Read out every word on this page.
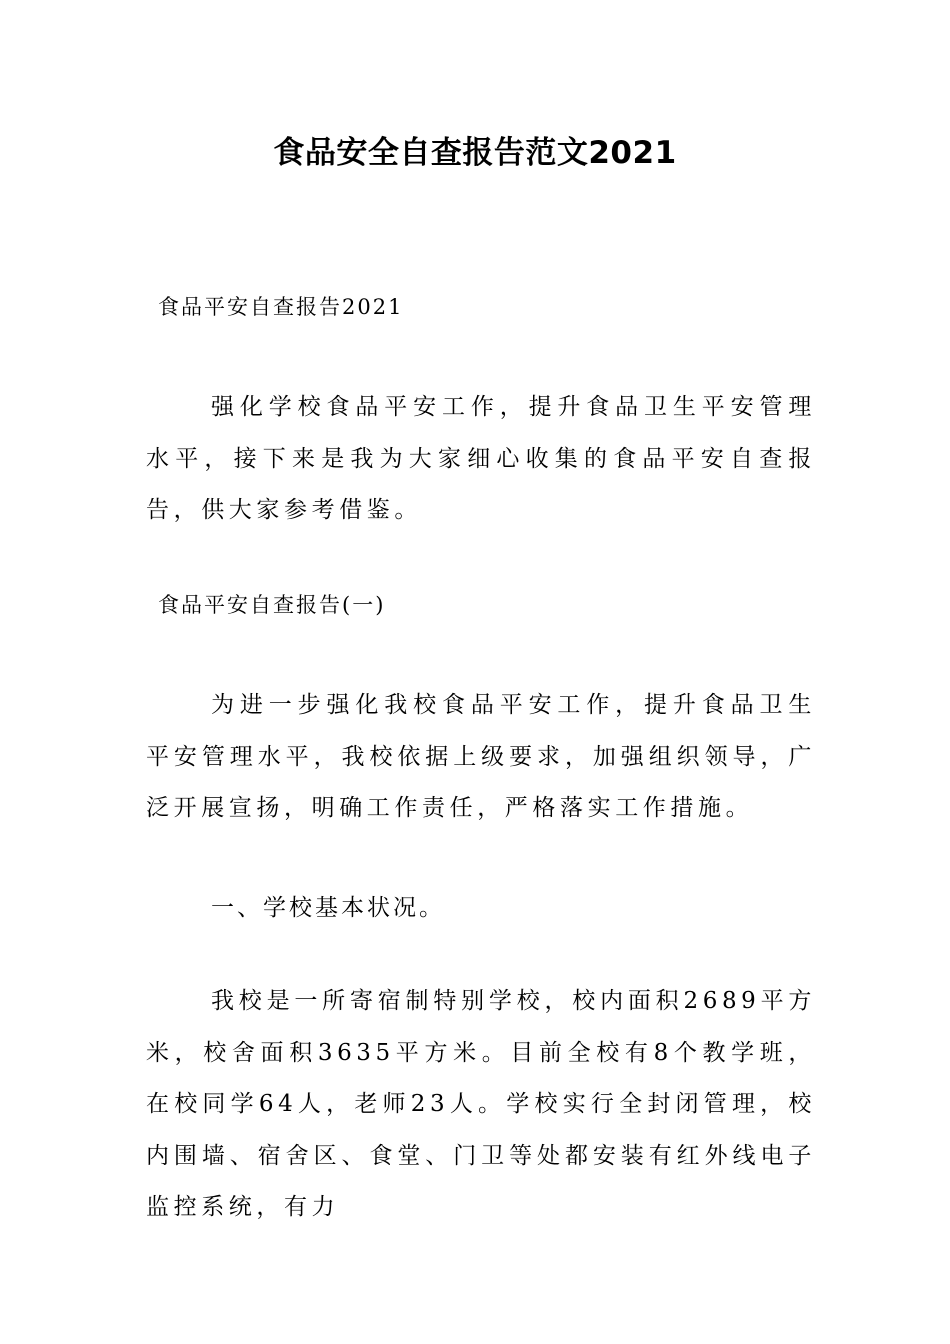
食品安全自查报告范文2021

食品平安自查报告2021

强化学校食品平安工作，提升食品卫生平安管理水平，接下来是我为大家细心收集的食品平安自查报告，供大家参考借鉴。

食品平安自查报告(一)

为进一步强化我校食品平安工作，提升食品卫生平安管理水平，我校依据上级要求，加强组织领导，广泛开展宣扬，明确工作责任，严格落实工作措施。

一、学校基本状况。

我校是一所寄宿制特别学校，校内面积2689平方米，校舍面积3635平方米。目前全校有8个教学班，在校同学64人，老师23人。学校实行全封闭管理，校内围墙、宿舍区、食堂、门卫等处都安装有红外线电子监控系统，有力
